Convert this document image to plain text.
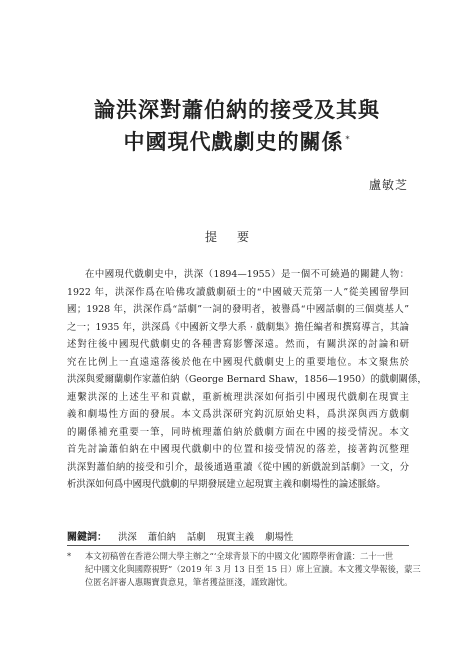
論洪深對蕭伯納的接受及其與
中國現代戲劇史的關係 *
盧敏芝
提要
在中國現代戲劇史中，洪深（1894—1955）是一個不可繞過的關鍵人物：
1922 年，洪深作爲在哈佛攻讀戲劇碩士的“中國破天荒第一人”從美國留學回
國；1928 年，洪深作爲“話劇”一詞的發明者，被譽爲“中國話劇的三個奠基人”
之一；1935 年，洪深爲《中國新文學大系 · 戲劇集》擔任編者和撰寫導言，其論
述對往後中國現代戲劇史的各種書寫影響深遠。然而，有關洪深的討論和研
究在比例上一直遠遠落後於他在中國現代戲劇史上的重要地位。本文聚焦於
洪深與愛爾蘭劇作家蕭伯納（George Bernard Shaw，1856—1950）的戲劇關係，
連繫洪深的上述生平和貢獻，重新梳理洪深如何指引中國現代戲劇在現實主
義和劇場性方面的發展。本文爲洪深研究鈎沉原始史料，爲洪深與西方戲劇
的關係補充重要一筆，同時梳理蕭伯納於戲劇方面在中國的接受情況。本文
首先討論蕭伯納在中國現代戲劇中的位置和接受情況的落差，接著鈎沉整理
洪深對蕭伯納的接受和引介，最後通過重讀《從中國的新戲說到話劇》一文，分
析洪深如何爲中國現代戲劇的早期發展建立起現實主義和劇場性的論述脈絡。
關鍵詞： 洪深 蕭伯納 話劇 現實主義 劇場性
*	本文初稿曾在香港公開大學主辦之“‘全球背景下的中國文化’國際學術會議：二十一世
紀中國文化與國際視野”（2019 年 3 月 13 日至 15 日）席上宣讀。本文獲文學報後，蒙三
位匿名評審人惠賜寶貴意見，筆者獲益匪淺，謹致謝忱。
